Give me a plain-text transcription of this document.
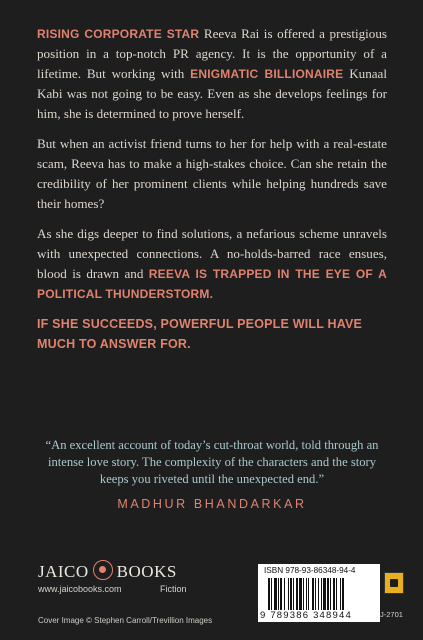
RISING CORPORATE STAR Reeva Rai is offered a prestigious position in a top-notch PR agency. It is the opportunity of a lifetime. But working with ENIGMATIC BILLIONAIRE Kunaal Kabi was not going to be easy. Even as she develops feelings for him, she is determined to prove herself.

But when an activist friend turns to her for help with a real-estate scam, Reeva has to make a high-stakes choice. Can she retain the credibility of her prominent clients while helping hundreds save their homes?

As she digs deeper to find solutions, a nefarious scheme unravels with unexpected connections. A no-holds-barred race ensues, blood is drawn and REEVA IS TRAPPED IN THE EYE OF A POLITICAL THUNDERSTORM.

IF SHE SUCCEEDS, POWERFUL PEOPLE WILL HAVE MUCH TO ANSWER FOR.

“An excellent account of today’s cut-throat world, told through an intense love story. The complexity of the characters and the story keeps you riveted until the unexpected end.”
MADHUR BHANDARKAR
JAICO BOOKS
www.jaicobooks.com	Fiction
Cover Image © Stephen Carroll/Trevillion Images
ISBN 978-93-86348-94-4
9 789386 348944	J-2701
